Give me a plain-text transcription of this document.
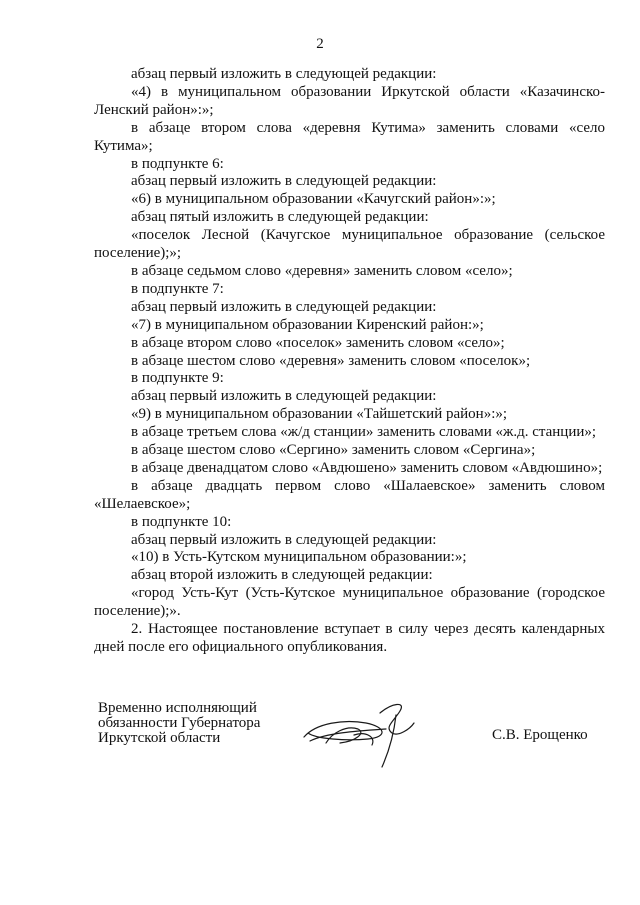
2

абзац первый изложить в следующей редакции:

«4) в муниципальном образовании Иркутской области «Казачинско-Ленский район»:»;

в абзаце втором слова «деревня Кутима» заменить словами «село Кутима»;

в подпункте 6:

абзац первый изложить в следующей редакции:

«6) в муниципальном образовании «Качугский район»:»;

абзац пятый изложить в следующей редакции:

«поселок Лесной (Качугское муниципальное образование (сельское поселение);»;

в абзаце седьмом слово «деревня» заменить словом «село»;

в подпункте 7:

абзац первый изложить в следующей редакции:

«7) в муниципальном образовании Киренский район:»;

в абзаце втором слово «поселок» заменить словом «село»;

в абзаце шестом слово «деревня» заменить словом «поселок»;

в подпункте 9:

абзац первый изложить в следующей редакции:

«9) в муниципальном образовании «Тайшетский район»:»;

в абзаце третьем слова «ж/д станции» заменить словами «ж.д. станции»;

в абзаце шестом слово «Сергино» заменить словом «Сергина»;

в абзаце двенадцатом слово «Авдюшено» заменить словом «Авдюшино»;

в абзаце двадцать первом слово «Шалаевское» заменить словом «Шелаевское»;

в подпункте 10:

абзац первый изложить в следующей редакции:

«10) в Усть-Кутском муниципальном образовании:»;

абзац второй изложить в следующей редакции:

«город Усть-Кут (Усть-Кутское муниципальное образование (городское поселение);».

2. Настоящее постановление вступает в силу через десять календарных дней после его официального опубликования.

Временно исполняющий
обязанности Губернатора
Иркутской области	С.В. Ерощенко
